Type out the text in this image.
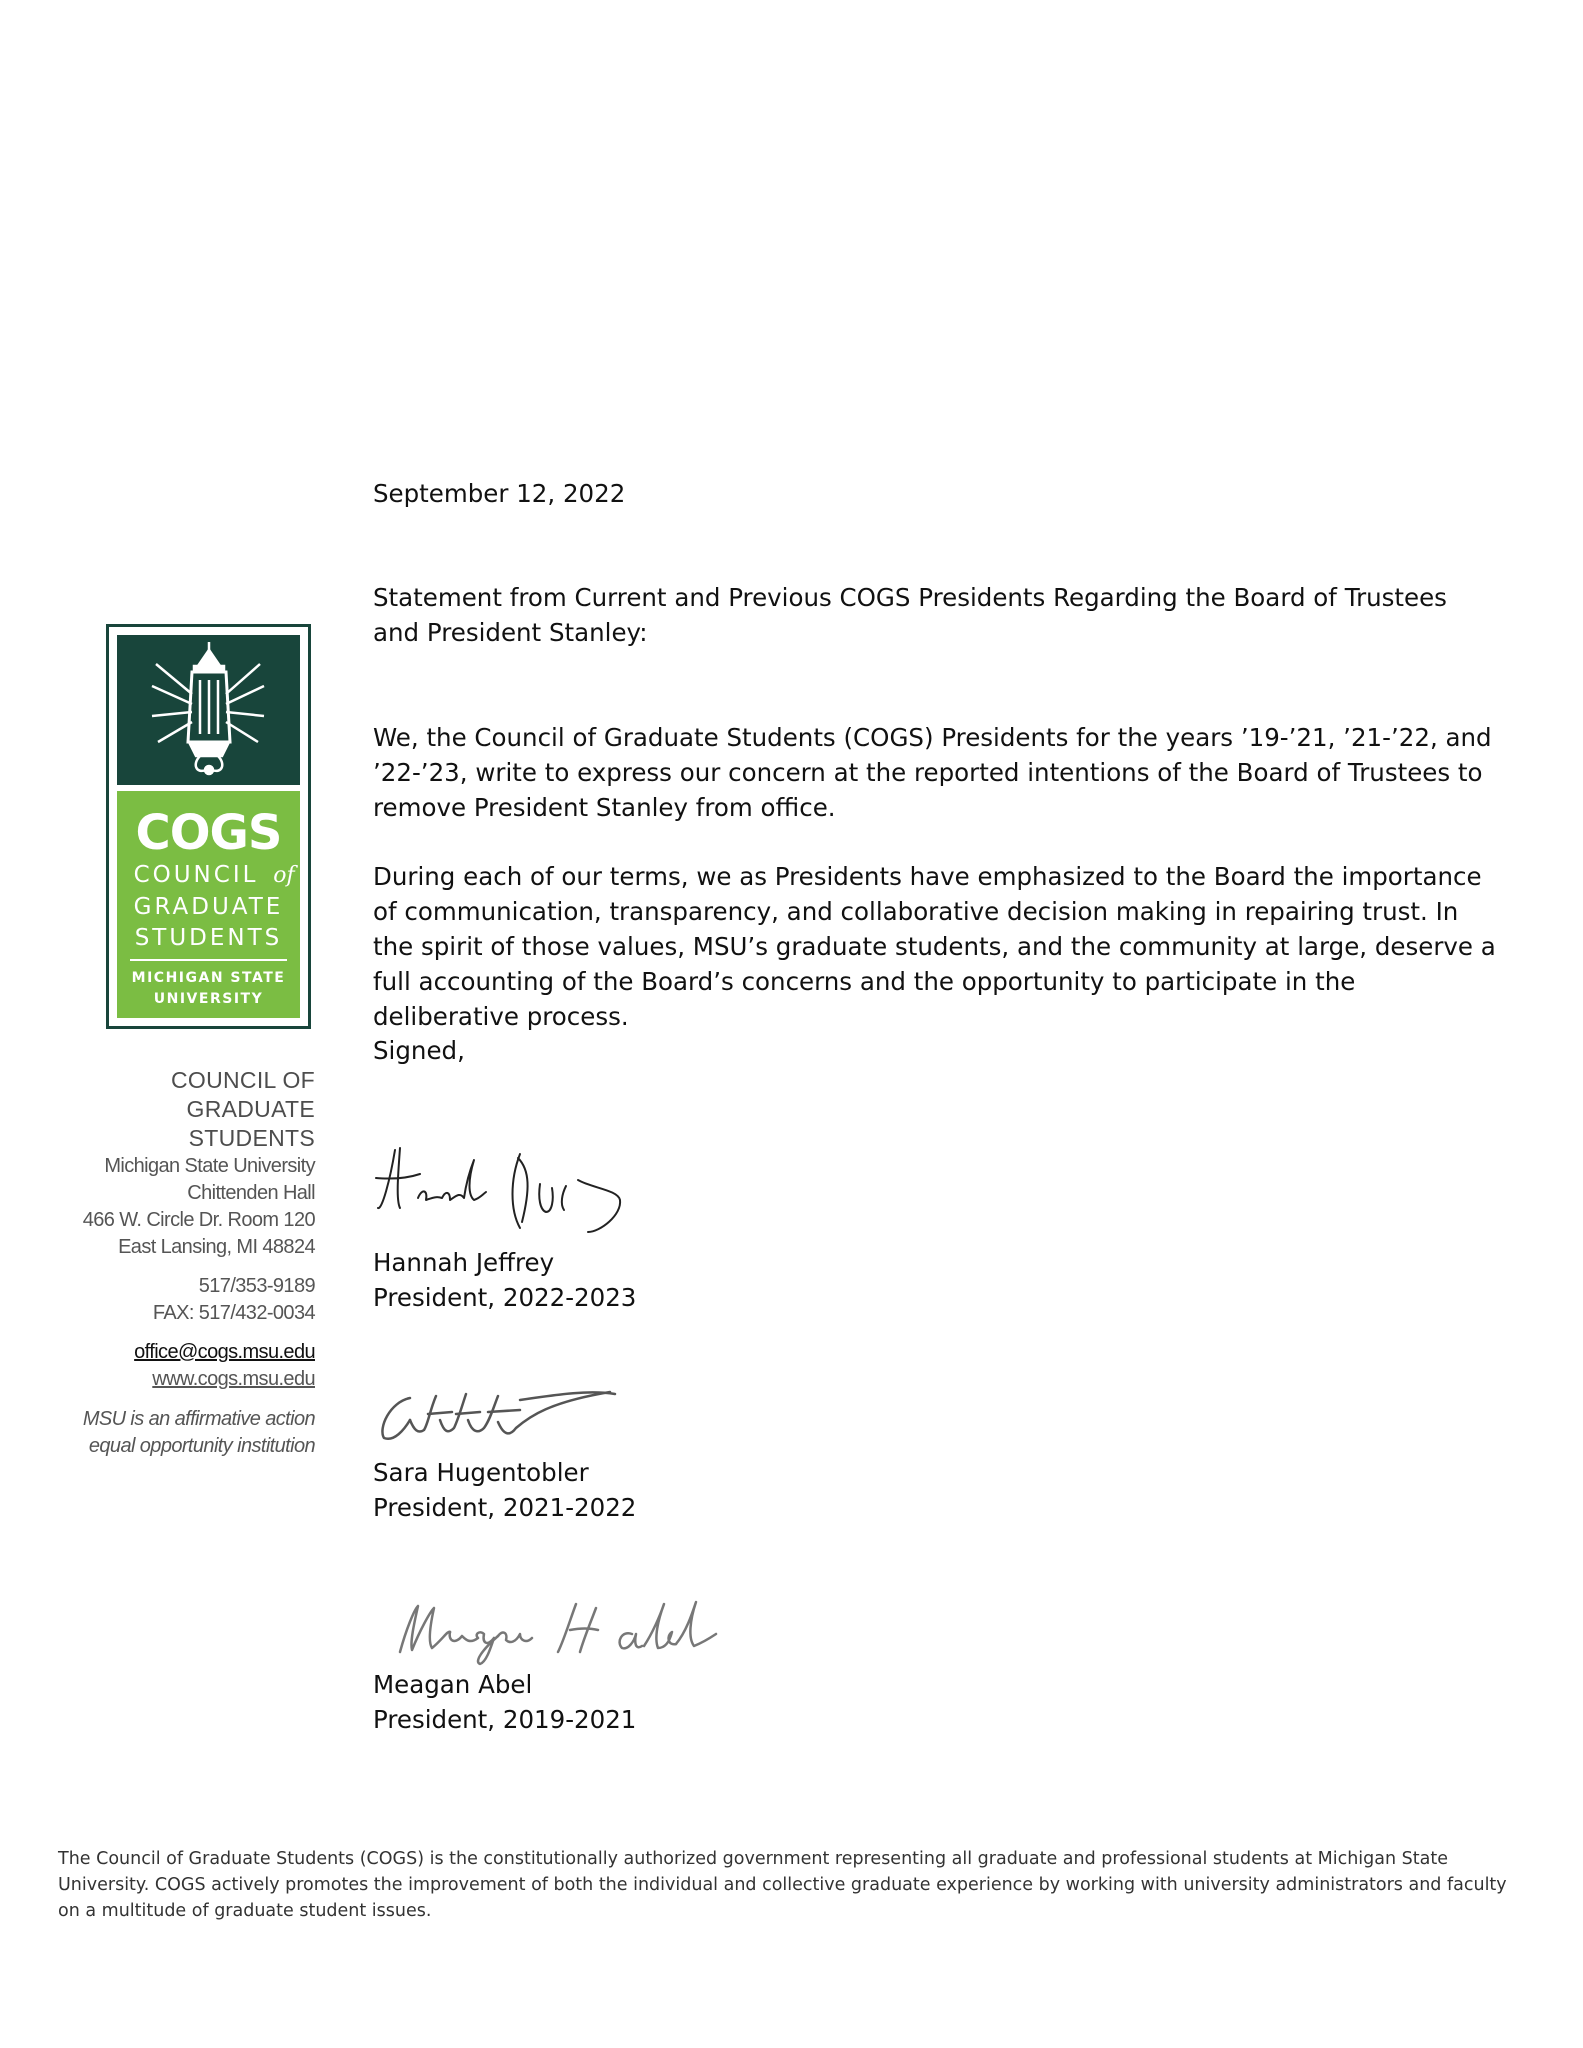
September 12, 2022
Statement from Current and Previous COGS Presidents Regarding the Board of Trustees and President Stanley:
We, the Council of Graduate Students (COGS) Presidents for the years ’19-’21, ’21-’22, and ’22-’23, write to express our concern at the reported intentions of the Board of Trustees to remove President Stanley from office.
During each of our terms, we as Presidents have emphasized to the Board the importance of communication, transparency, and collaborative decision making in repairing trust. In the spirit of those values, MSU’s graduate students, and the community at large, deserve a full accounting of the Board’s concerns and the opportunity to participate in the deliberative process.
Signed,
Hannah Jeffrey
President, 2022-2023
Sara Hugentobler
President, 2021-2022
Meagan Abel
President, 2019-2021
COGS
COUNCIL of
GRADUATE
STUDENTS
MICHIGAN STATE
UNIVERSITY
COUNCIL OF GRADUATE
STUDENTS
Michigan State University
Chittenden Hall
466 W. Circle Dr. Room 120
East Lansing, MI 48824
517/353-9189
FAX: 517/432-0034
office@cogs.msu.edu
www.cogs.msu.edu
MSU is an affirmative action
equal opportunity institution
The Council of Graduate Students (COGS) is the constitutionally authorized government representing all graduate and professional students at Michigan State University. COGS actively promotes the improvement of both the individual and collective graduate experience by working with university administrators and faculty on a multitude of graduate student issues.
